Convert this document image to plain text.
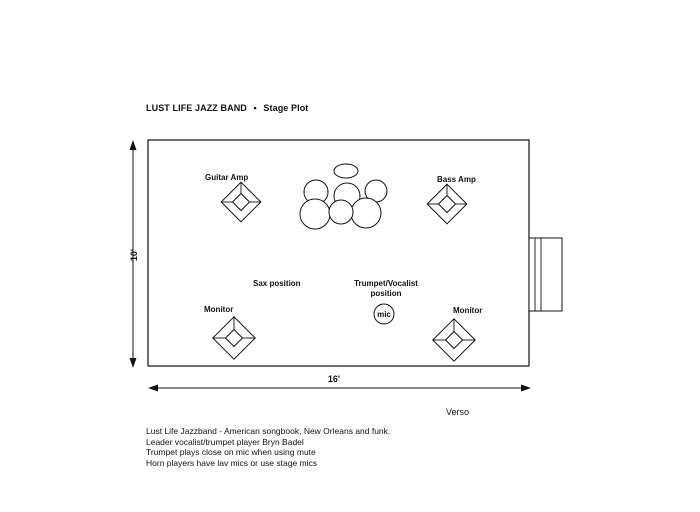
LUST LIFE JAZZ BAND • Stage Plot
mic
10'
16'
Guitar Amp	Bass Amp
Sax position	Trumpet/Vocalist
position
Monitor	Monitor
Verso
Lust Life Jazzband - American songbook, New Orleans and funk.
Leader vocalist/trumpet player Bryn Badel
Trumpet plays close on mic when using mute
Horn players have lav mics or use stage mics
